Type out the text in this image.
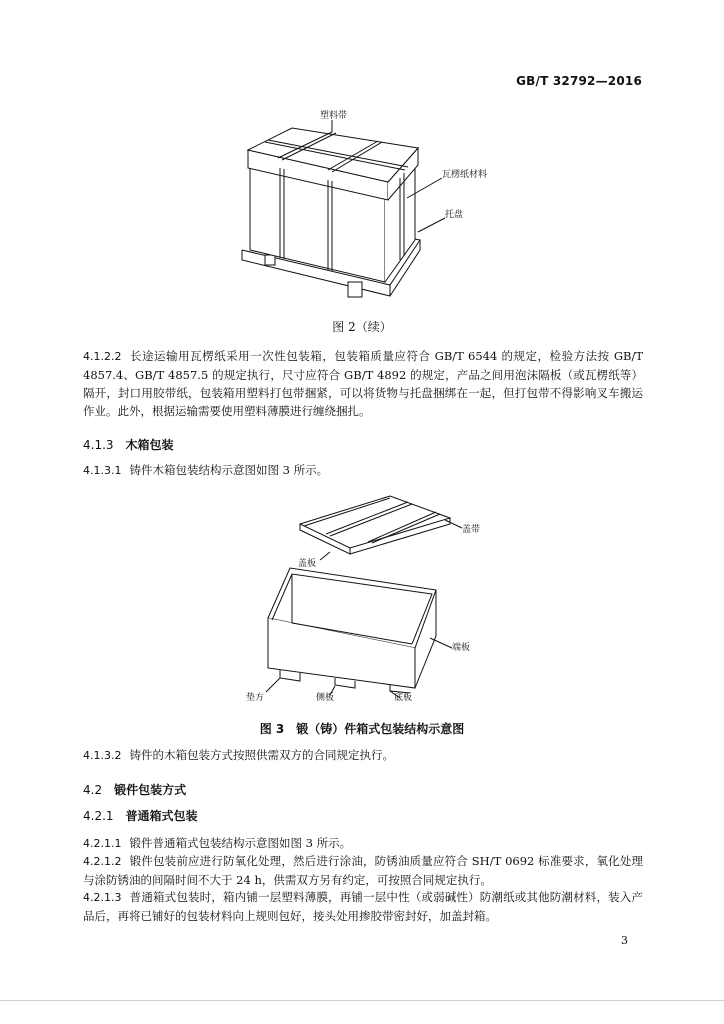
GB/T 32792—2016
塑料带
瓦楞纸材料
托盘
图 2（续）
4.1.2.2 长途运输用瓦楞纸采用一次性包装箱，包装箱质量应符合 GB/T 6544 的规定，检验方法按 GB/T 4857.4、GB/T 4857.5 的规定执行，尺寸应符合 GB/T 4892 的规定，产品之间用泡沫隔板（或瓦楞纸等）隔开，封口用胶带纸，包装箱用塑料打包带捆紧，可以将货物与托盘捆绑在一起，但打包带不得影响叉车搬运作业。此外，根据运输需要使用塑料薄膜进行缠绕捆扎。
4.1.3 木箱包装
4.1.3.1 铸件木箱包装结构示意图如图 3 所示。
盖带
盖板
端板
垫方	侧板	底板
图 3　锻（铸）件箱式包装结构示意图
4.1.3.2 铸件的木箱包装方式按照供需双方的合同规定执行。
4.2 锻件包装方式
4.2.1 普通箱式包装
4.2.1.1 锻件普通箱式包装结构示意图如图 3 所示。
4.2.1.2 锻件包装前应进行防氧化处理，然后进行涂油，防锈油质量应符合 SH/T 0692 标准要求，氧化处理与涂防锈油的间隔时间不大于 24 h，供需双方另有约定，可按照合同规定执行。
4.2.1.3 普通箱式包装时，箱内铺一层塑料薄膜，再铺一层中性（或弱碱性）防潮纸或其他防潮材料，装入产品后，再将已铺好的包装材料向上规则包好，接头处用掺胶带密封好，加盖封箱。
3
